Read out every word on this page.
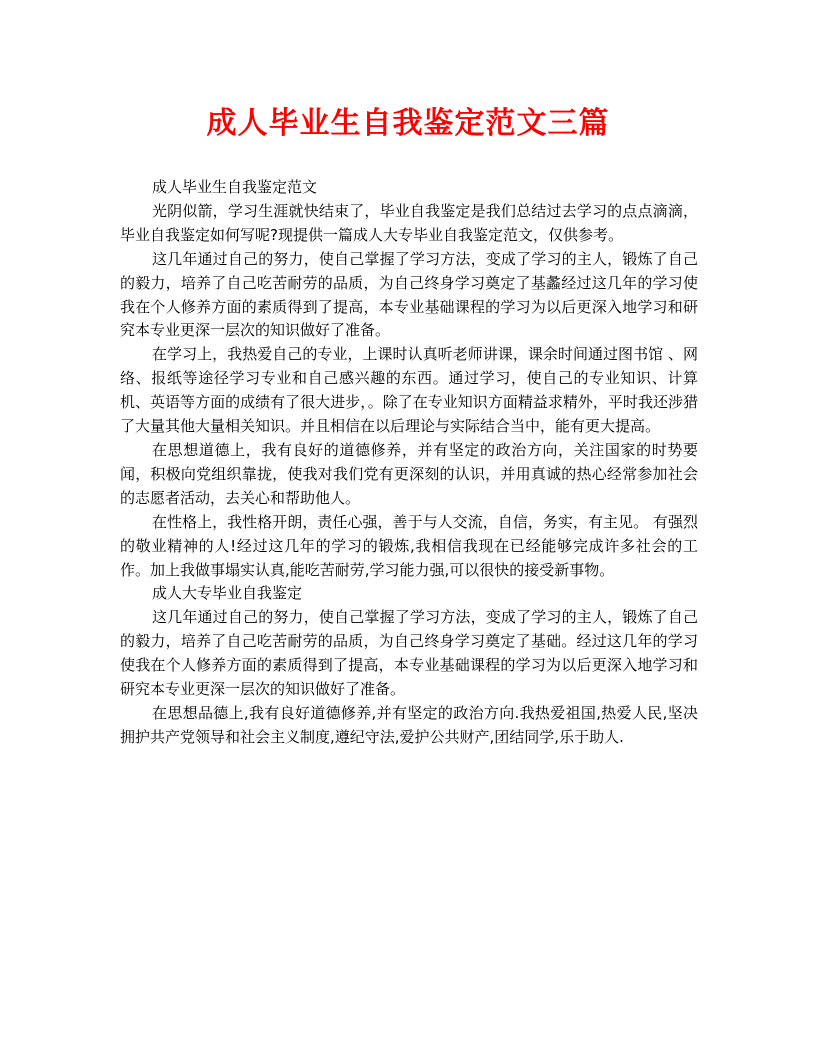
成人毕业生自我鉴定范文三篇

成人毕业生自我鉴定范文

光阴似箭，学习生涯就快结束了，毕业自我鉴定是我们总结过去学习的点点滴滴，毕业自我鉴定如何写呢?现提供一篇成人大专毕业自我鉴定范文，仅供参考。

这几年通过自己的努力，使自己掌握了学习方法，变成了学习的主人，锻炼了自己的毅力，培养了自己吃苦耐劳的品质，为自己终身学习奠定了基蠡经过这几年的学习使我在个人修养方面的素质得到了提高，本专业基础课程的学习为以后更深入地学习和研究本专业更深一层次的知识做好了准备。

在学习上，我热爱自己的专业，上课时认真听老师讲课，课余时间通过图书馆 、网络、报纸等途径学习专业和自己感兴趣的东西。通过学习，使自己的专业知识、计算机、英语等方面的成绩有了很大进步，。除了在专业知识方面精益求精外，平时我还涉猎了大量其他大量相关知识。并且相信在以后理论与实际结合当中，能有更大提高。

在思想道德上，我有良好的道德修养，并有坚定的政治方向，关注国家的时势要闻，积极向党组织靠拢，使我对我们党有更深刻的认识，并用真诚的热心经常参加社会的志愿者活动，去关心和帮助他人。

在性格上，我性格开朗，责任心强，善于与人交流，自信，务实，有主见。 有强烈的敬业精神的人!经过这几年的学习的锻炼,我相信我现在已经能够完成许多社会的工作。加上我做事塌实认真,能吃苦耐劳,学习能力强,可以很快的接受新事物。

成人大专毕业自我鉴定

这几年通过自己的努力，使自己掌握了学习方法，变成了学习的主人，锻炼了自己的毅力，培养了自己吃苦耐劳的品质，为自己终身学习奠定了基础。经过这几年的学习使我在个人修养方面的素质得到了提高，本专业基础课程的学习为以后更深入地学习和研究本专业更深一层次的知识做好了准备。

在思想品德上,我有良好道德修养,并有坚定的政治方向.我热爱祖国,热爱人民,坚决拥护共产党领导和社会主义制度,遵纪守法,爱护公共财产,团结同学,乐于助人.
